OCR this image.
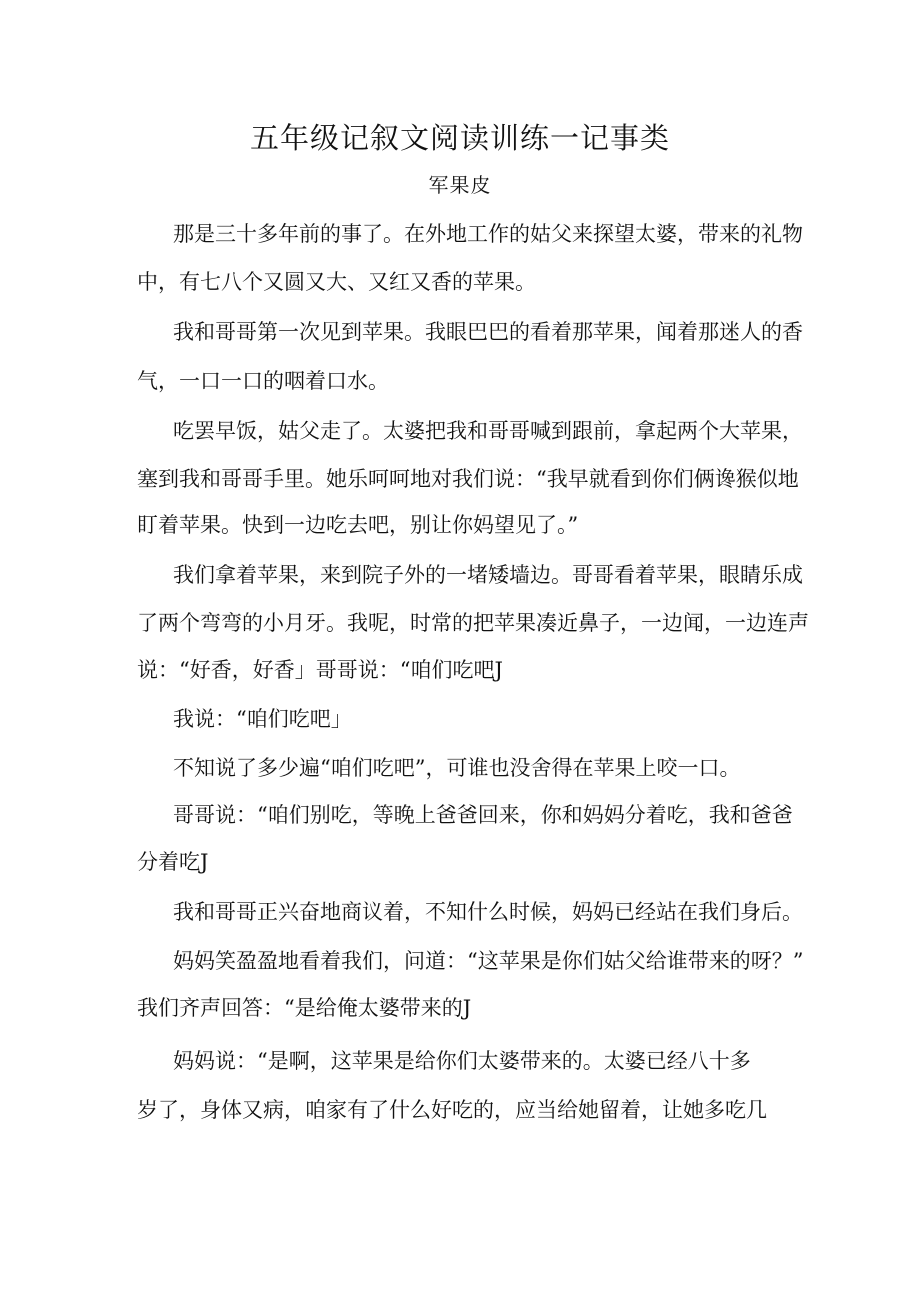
五年级记叙文阅读训练一记事类
军果皮
那是三十多年前的事了。在外地工作的姑父来探望太婆，带来的礼物
中，有七八个又圆又大、又红又香的苹果。
我和哥哥第一次见到苹果。我眼巴巴的看着那苹果，闻着那迷人的香
气，一口一口的咽着口水。
吃罢早饭，姑父走了。太婆把我和哥哥喊到跟前，拿起两个大苹果，
塞到我和哥哥手里。她乐呵呵地对我们说：“我早就看到你们俩谗猴似地
盯着苹果。快到一边吃去吧，别让你妈望见了。”
我们拿着苹果，来到院子外的一堵矮墙边。哥哥看着苹果，眼睛乐成
了两个弯弯的小月牙。我呢，时常的把苹果凑近鼻子，一边闻，一边连声
说：“好香，好香」哥哥说：“咱们吃吧J
我说：“咱们吃吧」
不知说了多少遍“咱们吃吧”，可谁也没舍得在苹果上咬一口。
哥哥说：“咱们别吃，等晚上爸爸回来，你和妈妈分着吃，我和爸爸
分着吃J
我和哥哥正兴奋地商议着，不知什么时候，妈妈已经站在我们身后。
妈妈笑盈盈地看着我们，问道：“这苹果是你们姑父给谁带来的呀？”
我们齐声回答：“是给俺太婆带来的J
妈妈说：“是啊，这苹果是给你们太婆带来的。太婆已经八十多
岁了，身体又病，咱家有了什么好吃的，应当给她留着，让她多吃几
